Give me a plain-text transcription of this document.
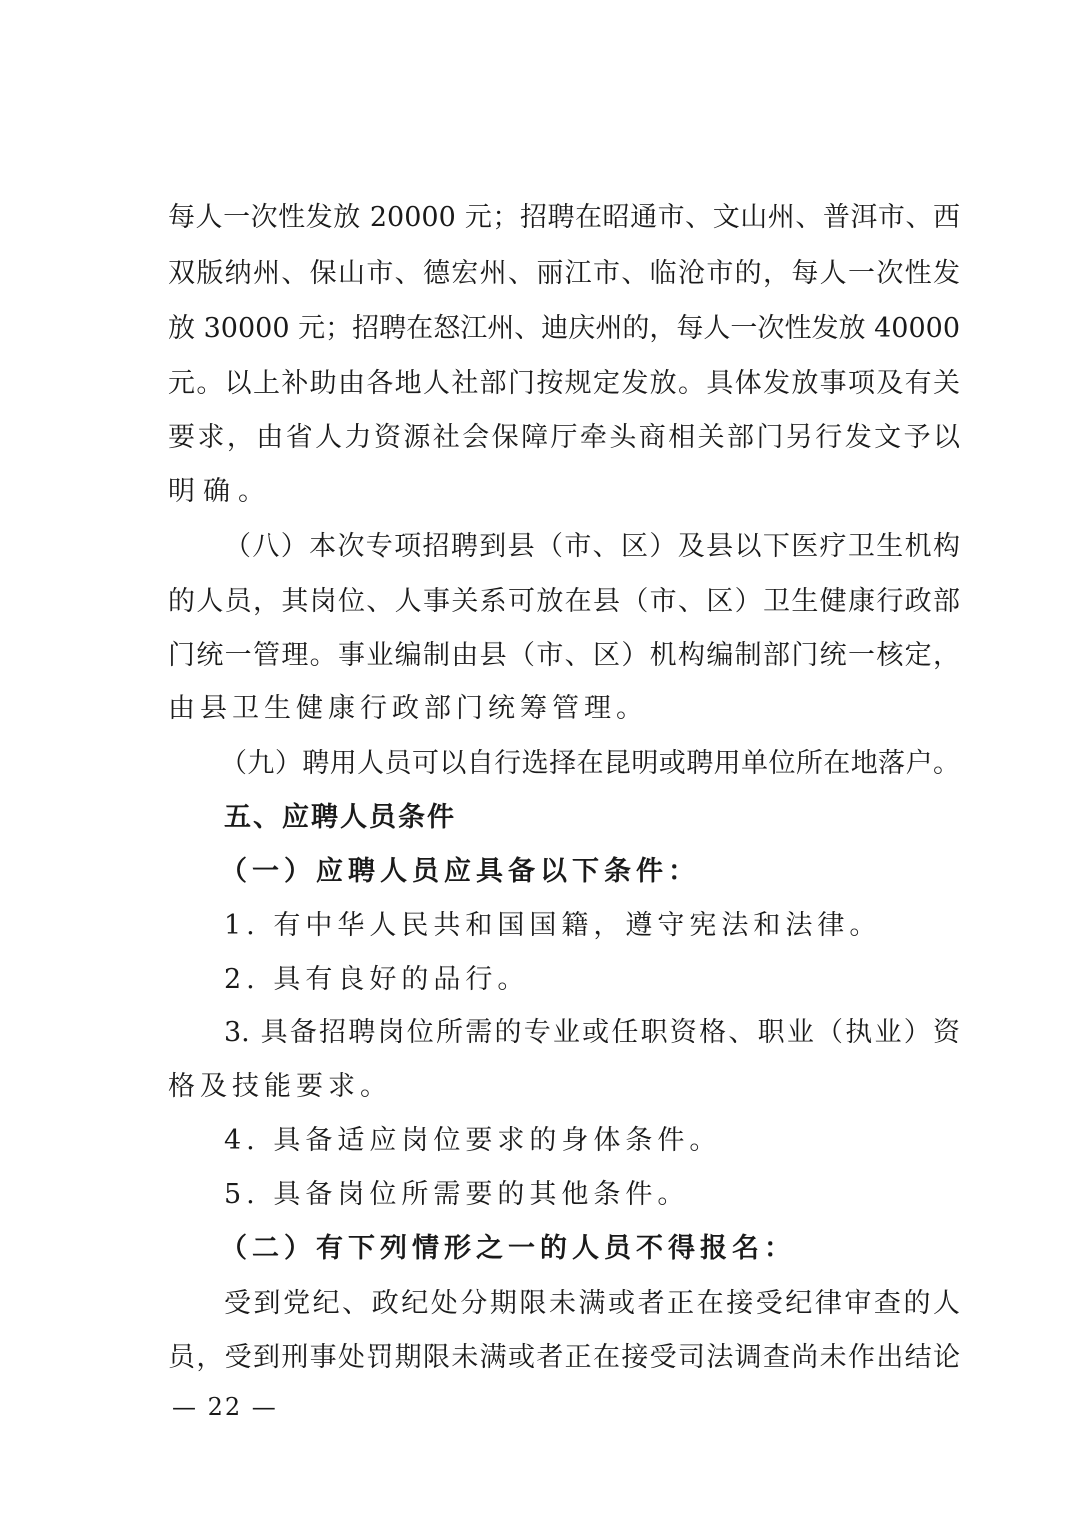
每人一次性发放 20000 元；招聘在昭通市、文山州、普洱市、西
双版纳州、保山市、德宏州、丽江市、临沧市的，每人一次性发
放 30000 元；招聘在怒江州、迪庆州的，每人一次性发放 40000
元。以上补助由各地人社部门按规定发放。具体发放事项及有关
要求，由省人力资源社会保障厅牵头商相关部门另行发文予以
明确。
（八）本次专项招聘到县（市、区）及县以下医疗卫生机构
的人员，其岗位、人事关系可放在县（市、区）卫生健康行政部
门统一管理。事业编制由县（市、区）机构编制部门统一核定，
由县卫生健康行政部门统筹管理。
（九）聘用人员可以自行选择在昆明或聘用单位所在地落户。
五、应聘人员条件
（一）应聘人员应具备以下条件：
1. 有中华人民共和国国籍，遵守宪法和法律。
2. 具有良好的品行。
3. 具备招聘岗位所需的专业或任职资格、职业（执业）资
格及技能要求。
4. 具备适应岗位要求的身体条件。
5. 具备岗位所需要的其他条件。
（二）有下列情形之一的人员不得报名：
受到党纪、政纪处分期限未满或者正在接受纪律审查的人
员，受到刑事处罚期限未满或者正在接受司法调查尚未作出结论
— 22 —
